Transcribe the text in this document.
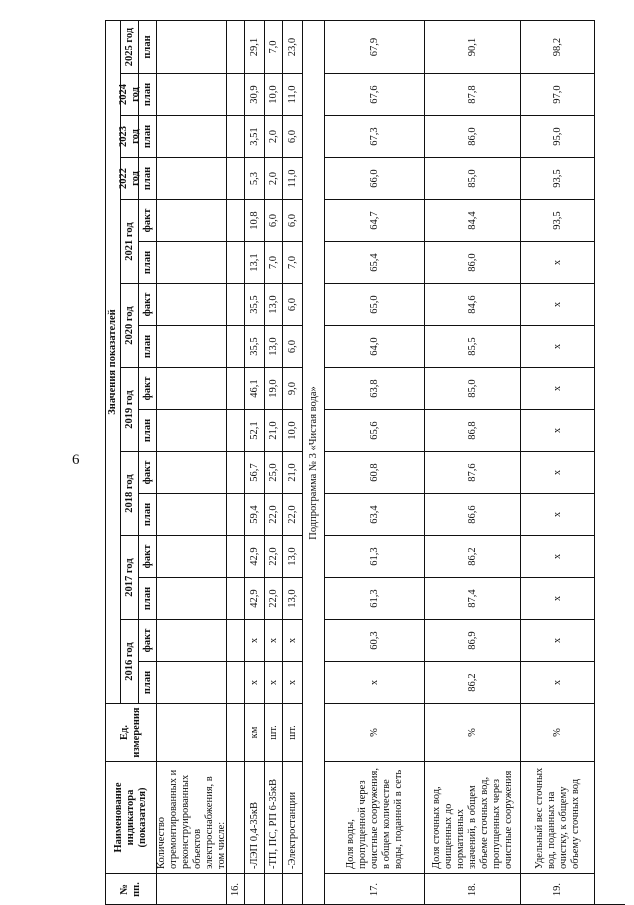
6
№ пп.
Наименование индикатора (показателя)
Ед. измерения
Значения показателей
2016 год
план
факт
2017 год
план
факт
2018 год
план
факт
2019 год
план
факт
2020 год
план
факт
2021 год
план
факт
2022 год план
2023 год план
2024 год план
2025 год план
Количество отремонтированных и реконструированных объектов электроснабжения, в том числе:
16.
-ЛЭП 0,4-35кВ
км
x
x
42,9
42,9
59,4
56,7
52,1
46,1
35,5
35,5
13,1
10,8
5,3
3,51
30,9
29,1
-ТП, ПС, РП 6-35кВ
шт.
x
x
22,0
22,0
22,0
25,0
21,0
19,0
13,0
13,0
7,0
6,0
2,0
2,0
10,0
7,0
-Электростанции
шт.
x
x
13,0
13,0
22,0
21,0
10,0
9,0
6,0
6,0
7,0
6,0
11,0
6,0
11,0
23,0
Подпрограмма № 3 «Чистая вода»
17.
Доля воды, пропущенной через очистные сооружения, в общем количестве воды, поданной в сеть
%
x
60,3
61,3
61,3
63,4
60,8
65,6
63,8
64,0
65,0
65,4
64,7
66,0
67,3
67,6
67,9
18.
Доля сточных вод, очищенных до нормативных значений, в общем объеме сточных вод, пропущенных через очистные сооружения
%
86,2
86,9
87,4
86,2
86,6
87,6
86,8
85,0
85,5
84,6
86,0
84,4
85,0
86,0
87,8
90,1
19.
Удельный вес сточных вод, поданных на очистку, к общему объему сточных вод
%
x
x
x
x
x
x
x
x
x
x
x
93,5
93,5
95,0
97,0
98,2
